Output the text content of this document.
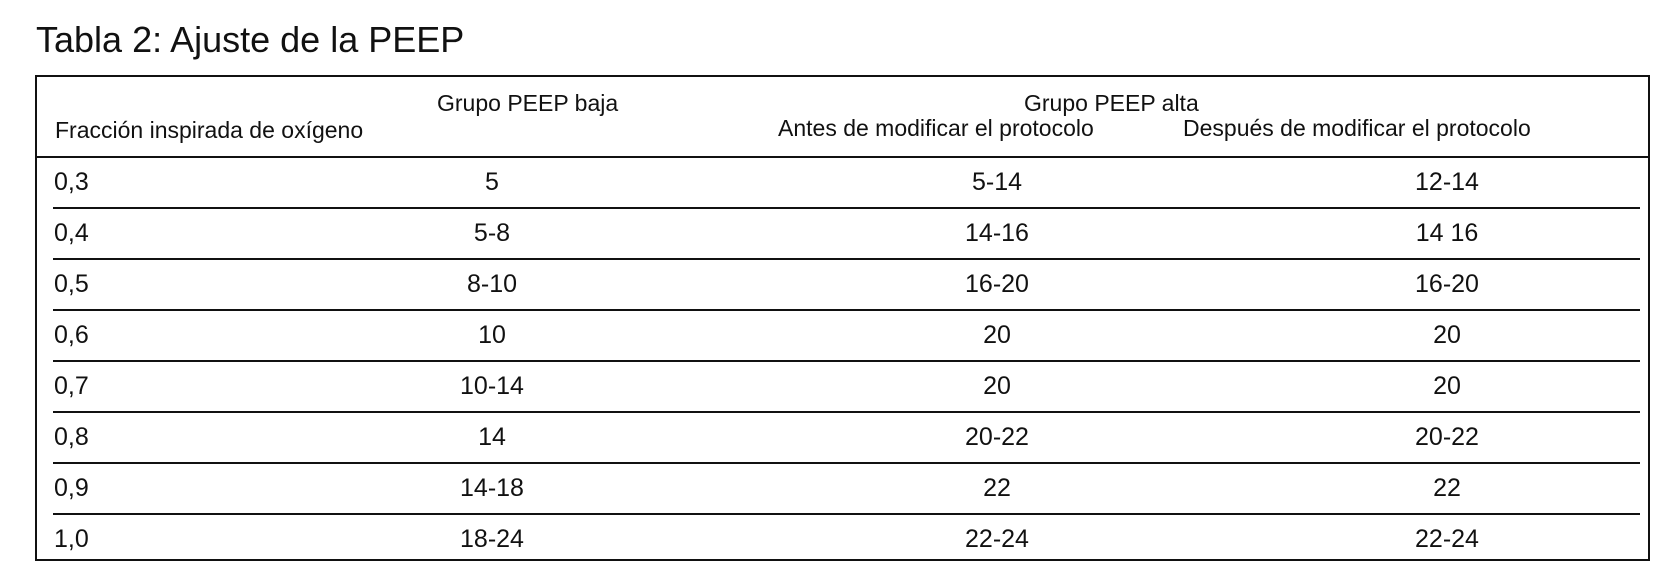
Tabla 2: Ajuste de la PEEP
Fracción inspirada de oxígeno
Grupo PEEP baja	Grupo PEEP alta
Antes de modificar el protocolo	Después de modificar el protocolo
0,3	5	5-14	12-14
0,4	5-8	14-16	14 16
0,5	8-10	16-20	16-20
0,6	10	20	20
0,7	10-14	20	20
0,8	14	20-22	20-22
0,9	14-18	22	22
1,0	18-24	22-24	22-24
